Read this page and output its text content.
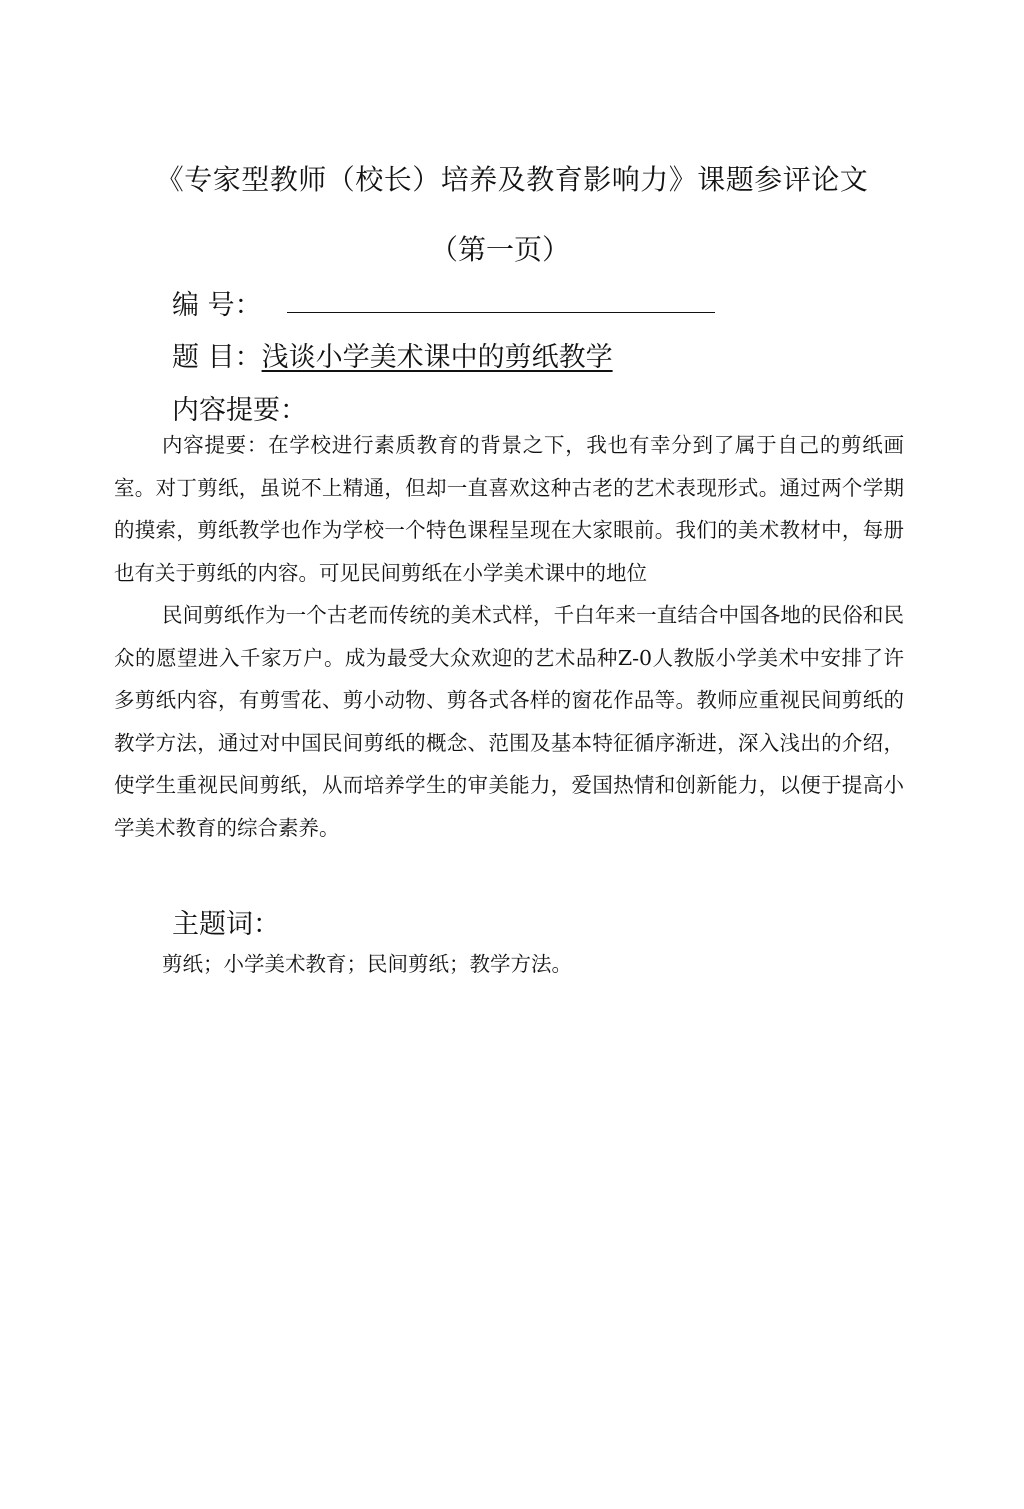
《专家型教师（校长）培养及教育影响力》课题参评论文
（第一页）
编 号：
题 目：浅谈小学美术课中的剪纸教学
内容提要：

内容提要：在学校进行素质教育的背景之下，我也有幸分到了属于自己的剪纸画室。对丁剪纸，虽说不上精通，但却一直喜欢这种古老的艺术表现形式。通过两个学期的摸索，剪纸教学也作为学校一个特色课程呈现在大家眼前。我们的美术教材中，每册也有关于剪纸的内容。可见民间剪纸在小学美术课中的地位

民间剪纸作为一个古老而传统的美术式样，千白年来一直结合中国各地的民俗和民众的愿望进入千家万户。成为最受大众欢迎的艺术品种Z-0人教版小学美术中安排了许多剪纸内容，有剪雪花、剪小动物、剪各式各样的窗花作品等。教师应重视民间剪纸的教学方法，通过对中国民间剪纸的概念、范围及基本特征循序渐进，深入浅出的介绍，使学生重视民间剪纸，从而培养学生的审美能力，爱国热情和创新能力，以便于提高小学美术教育的综合素养。

主题词：
剪纸；小学美术教育；民间剪纸；教学方法。
